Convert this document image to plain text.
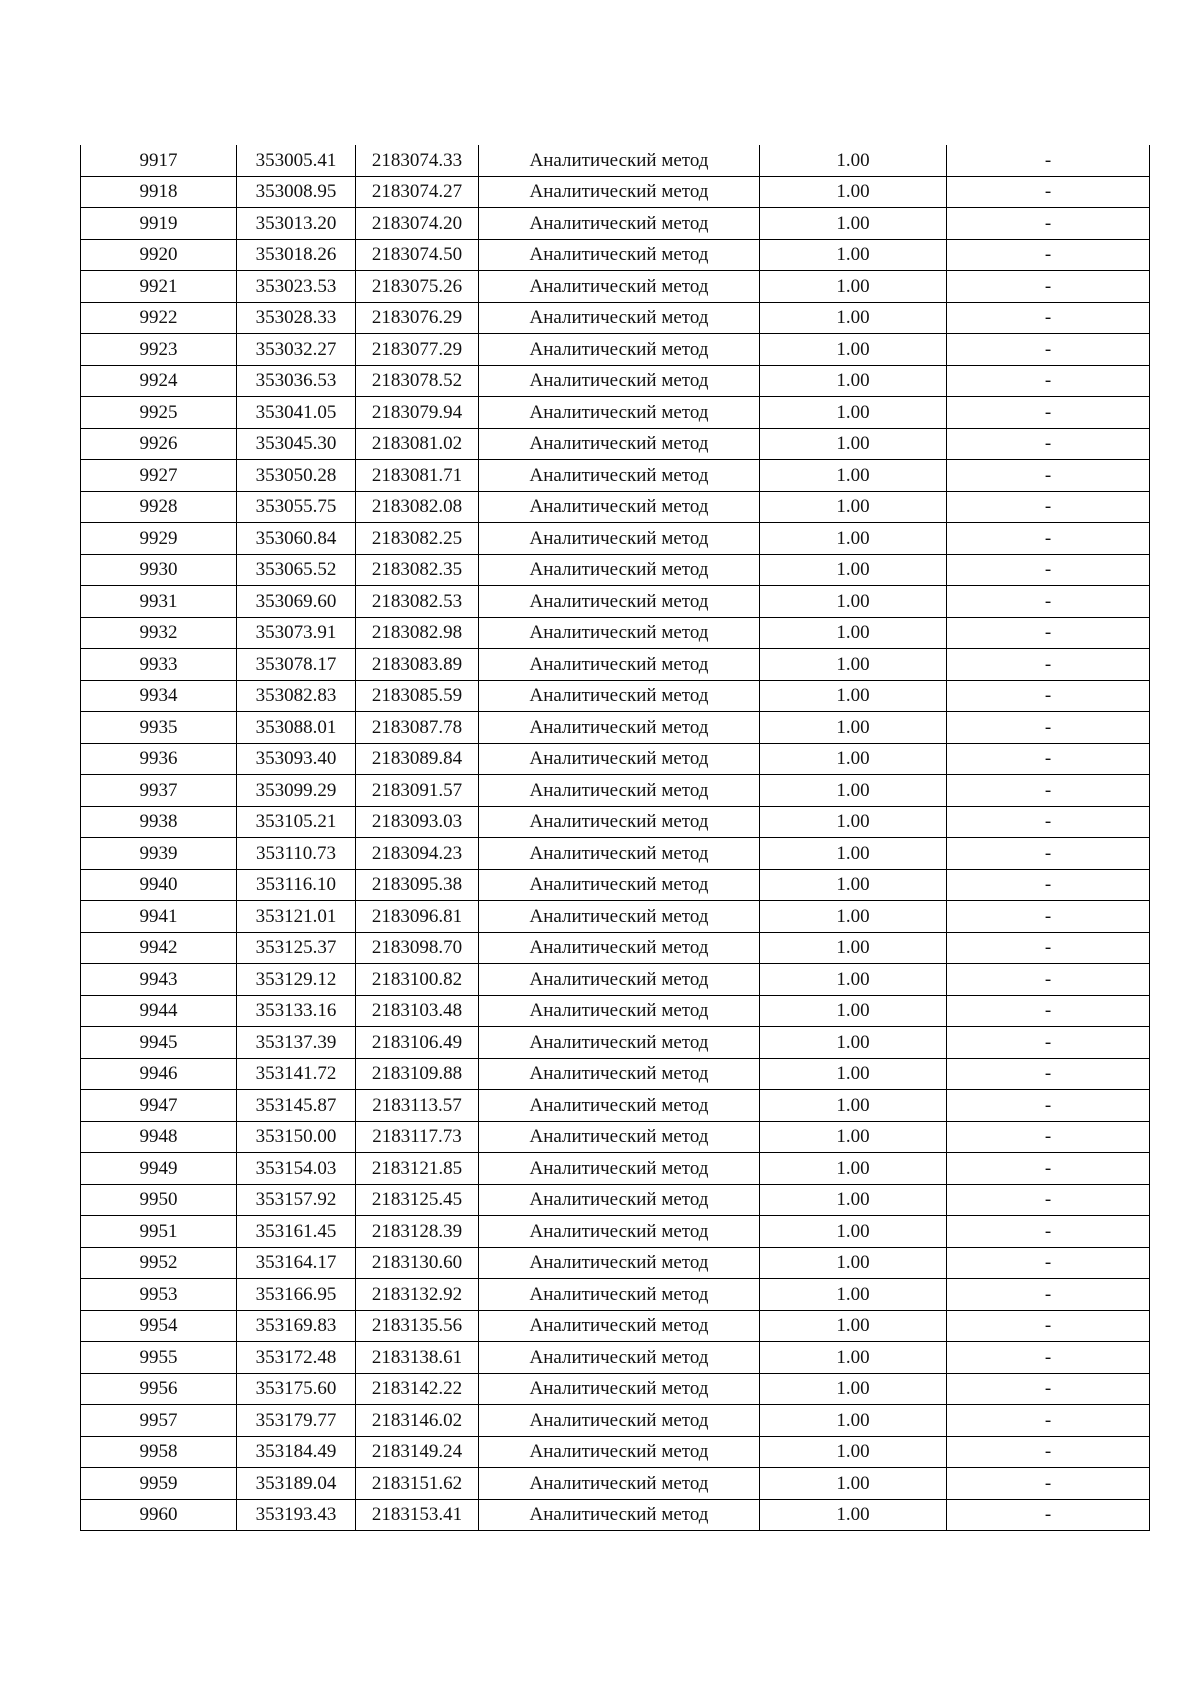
9917	353005.41	2183074.33	Аналитический метод	1.00	-
9918	353008.95	2183074.27	Аналитический метод	1.00	-
9919	353013.20	2183074.20	Аналитический метод	1.00	-
9920	353018.26	2183074.50	Аналитический метод	1.00	-
9921	353023.53	2183075.26	Аналитический метод	1.00	-
9922	353028.33	2183076.29	Аналитический метод	1.00	-
9923	353032.27	2183077.29	Аналитический метод	1.00	-
9924	353036.53	2183078.52	Аналитический метод	1.00	-
9925	353041.05	2183079.94	Аналитический метод	1.00	-
9926	353045.30	2183081.02	Аналитический метод	1.00	-
9927	353050.28	2183081.71	Аналитический метод	1.00	-
9928	353055.75	2183082.08	Аналитический метод	1.00	-
9929	353060.84	2183082.25	Аналитический метод	1.00	-
9930	353065.52	2183082.35	Аналитический метод	1.00	-
9931	353069.60	2183082.53	Аналитический метод	1.00	-
9932	353073.91	2183082.98	Аналитический метод	1.00	-
9933	353078.17	2183083.89	Аналитический метод	1.00	-
9934	353082.83	2183085.59	Аналитический метод	1.00	-
9935	353088.01	2183087.78	Аналитический метод	1.00	-
9936	353093.40	2183089.84	Аналитический метод	1.00	-
9937	353099.29	2183091.57	Аналитический метод	1.00	-
9938	353105.21	2183093.03	Аналитический метод	1.00	-
9939	353110.73	2183094.23	Аналитический метод	1.00	-
9940	353116.10	2183095.38	Аналитический метод	1.00	-
9941	353121.01	2183096.81	Аналитический метод	1.00	-
9942	353125.37	2183098.70	Аналитический метод	1.00	-
9943	353129.12	2183100.82	Аналитический метод	1.00	-
9944	353133.16	2183103.48	Аналитический метод	1.00	-
9945	353137.39	2183106.49	Аналитический метод	1.00	-
9946	353141.72	2183109.88	Аналитический метод	1.00	-
9947	353145.87	2183113.57	Аналитический метод	1.00	-
9948	353150.00	2183117.73	Аналитический метод	1.00	-
9949	353154.03	2183121.85	Аналитический метод	1.00	-
9950	353157.92	2183125.45	Аналитический метод	1.00	-
9951	353161.45	2183128.39	Аналитический метод	1.00	-
9952	353164.17	2183130.60	Аналитический метод	1.00	-
9953	353166.95	2183132.92	Аналитический метод	1.00	-
9954	353169.83	2183135.56	Аналитический метод	1.00	-
9955	353172.48	2183138.61	Аналитический метод	1.00	-
9956	353175.60	2183142.22	Аналитический метод	1.00	-
9957	353179.77	2183146.02	Аналитический метод	1.00	-
9958	353184.49	2183149.24	Аналитический метод	1.00	-
9959	353189.04	2183151.62	Аналитический метод	1.00	-
9960	353193.43	2183153.41	Аналитический метод	1.00	-
